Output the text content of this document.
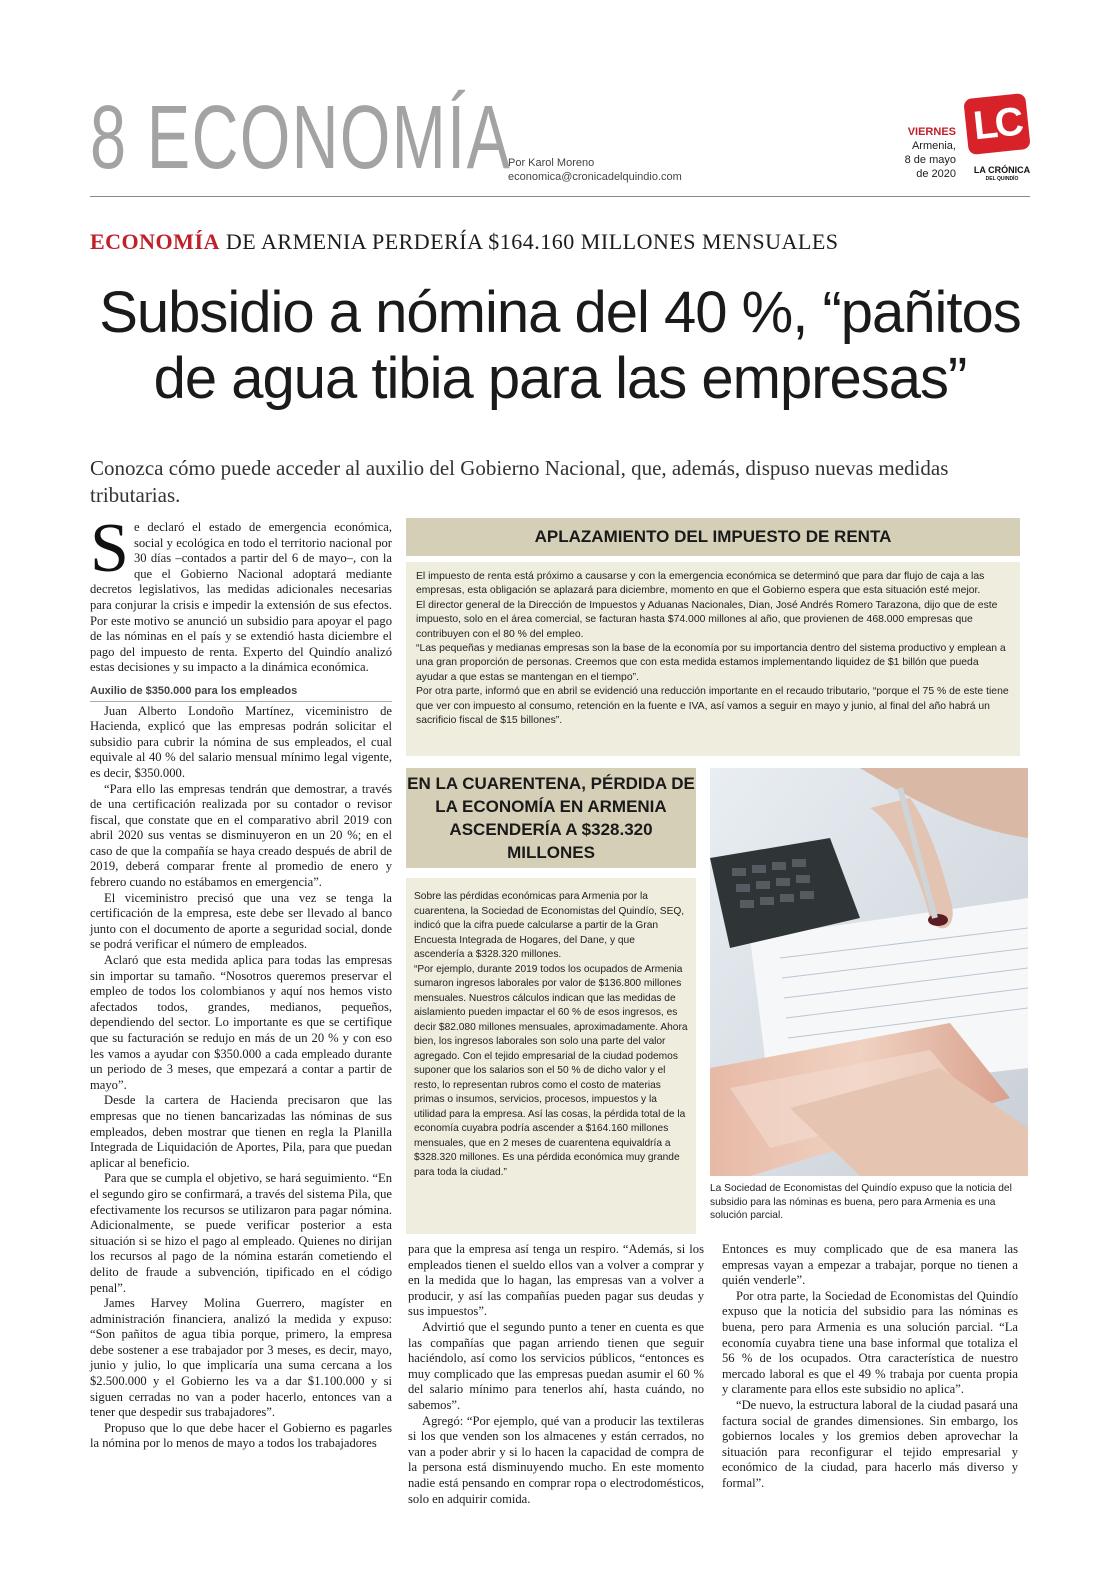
8 ECONOMÍA
Por Karol Moreno
economica@cronicadelquindio.com
VIERNES
Armenia,
8 de mayo
de 2020
LC
LA CRÓNICA
DEL QUINDÍO
ECONOMÍA DE ARMENIA PERDERÍA $164.160 MILLONES MENSUALES
Subsidio a nómina del 40 %, “pañitos de agua tibia para las empresas”
Conozca cómo puede acceder al auxilio del Gobierno Nacional, que, además, dispuso nuevas medidas tributarias.

Se declaró el estado de emergencia económica, social y ecológica en todo el territorio nacional por 30 días –contados a partir del 6 de mayo–, con la que el Gobierno Nacional adoptará mediante decretos legislativos, las medidas adicionales necesarias para conjurar la crisis e impedir la extensión de sus efectos. Por este motivo se anunció un subsidio para apoyar el pago de las nóminas en el país y se extendió hasta diciembre el pago del impuesto de renta. Experto del Quindío analizó estas decisiones y su impacto a la dinámica económica.

Auxilio de $350.000 para los empleados

Juan Alberto Londoño Martínez, viceministro de Hacienda, explicó que las empresas podrán solicitar el subsidio para cubrir la nómina de sus empleados, el cual equivale al 40 % del salario mensual mínimo legal vigente, es decir, $350.000.

“Para ello las empresas tendrán que demostrar, a través de una certificación realizada por su contador o revisor fiscal, que constate que en el comparativo abril 2019 con abril 2020 sus ventas se disminuyeron en un 20 %; en el caso de que la compañía se haya creado después de abril de 2019, deberá comparar frente al promedio de enero y febrero cuando no estábamos en emergencia”.

El viceministro precisó que una vez se tenga la certificación de la empresa, este debe ser llevado al banco junto con el documento de aporte a seguridad social, donde se podrá verificar el número de empleados.

Aclaró que esta medida aplica para todas las empresas sin importar su tamaño. “Nosotros queremos preservar el empleo de todos los colombianos y aquí nos hemos visto afectados todos, grandes, medianos, pequeños, dependiendo del sector. Lo importante es que se certifique que su facturación se redujo en más de un 20 % y con eso les vamos a ayudar con $350.000 a cada empleado durante un periodo de 3 meses, que empezará a contar a partir de mayo”.

Desde la cartera de Hacienda precisaron que las empresas que no tienen bancarizadas las nóminas de sus empleados, deben mostrar que tienen en regla la Planilla Integrada de Liquidación de Aportes, Pila, para que puedan aplicar al beneficio.

Para que se cumpla el objetivo, se hará seguimiento. “En el segundo giro se confirmará, a través del sistema Pila, que efectivamente los recursos se utilizaron para pagar nómina. Adicionalmente, se puede verificar posterior a esta situación si se hizo el pago al empleado. Quienes no dirijan los recursos al pago de la nómina estarán cometiendo el delito de fraude a subvención, tipificado en el código penal”.

James Harvey Molina Guerrero, magíster en administración financiera, analizó la medida y expuso: “Son pañitos de agua tibia porque, primero, la empresa debe sostener a ese trabajador por 3 meses, es decir, mayo, junio y julio, lo que implicaría una suma cercana a los $2.500.000 y el Gobierno les va a dar $1.100.000 y si siguen cerradas no van a poder hacerlo, entonces van a tener que despedir sus trabajadores”.

Propuso que lo que debe hacer el Gobierno es pagarles la nómina por lo menos de mayo a todos los trabajadores

APLAZAMIENTO DEL IMPUESTO DE RENTA

El impuesto de renta está próximo a causarse y con la emergencia económica se determinó que para dar flujo de caja a las empresas, esta obligación se aplazará para diciembre, momento en que el Gobierno espera que esta situación esté mejor.

El director general de la Dirección de Impuestos y Aduanas Nacionales, Dian, José Andrés Romero Tarazona, dijo que de este impuesto, solo en el área comercial, se facturan hasta $74.000 millones al año, que provienen de 468.000 empresas que contribuyen con el 80 % del empleo.

“Las pequeñas y medianas empresas son la base de la economía por su importancia dentro del sistema productivo y emplean a una gran proporción de personas. Creemos que con esta medida estamos implementando liquidez de $1 billón que pueda ayudar a que estas se mantengan en el tiempo”.

Por otra parte, informó que en abril se evidenció una reducción importante en el recaudo tributario, “porque el 75 % de este tiene que ver con impuesto al consumo, retención en la fuente e IVA, así vamos a seguir en mayo y junio, al final del año habrá un sacrificio fiscal de $15 billones”.

EN LA CUARENTENA, PÉRDIDA DE LA ECONOMÍA EN ARMENIA ASCENDERÍA A $328.320 MILLONES

Sobre las pérdidas económicas para Armenia por la cuarentena, la Sociedad de Economistas del Quindío, SEQ, indicó que la cifra puede calcularse a partir de la Gran Encuesta Integrada de Hogares, del Dane, y que ascendería a $328.320 millones.

“Por ejemplo, durante 2019 todos los ocupados de Armenia sumaron ingresos laborales por valor de $136.800 millones mensuales. Nuestros cálculos indican que las medidas de aislamiento pueden impactar el 60 % de esos ingresos, es decir $82.080 millones mensuales, aproximadamente. Ahora bien, los ingresos laborales son solo una parte del valor agregado. Con el tejido empresarial de la ciudad podemos suponer que los salarios son el 50 % de dicho valor y el resto, lo representan rubros como el costo de materias primas o insumos, servicios, procesos, impuestos y la utilidad para la empresa. Así las cosas, la pérdida total de la economía cuyabra podría ascender a $164.160 millones mensuales, que en 2 meses de cuarentena equivaldría a $328.320 millones. Es una pérdida económica muy grande para toda la ciudad.”

La Sociedad de Economistas del Quindío expuso que la noticia del subsidio para las nóminas es buena, pero para Armenia es una solución parcial.

para que la empresa así tenga un respiro. “Además, si los empleados tienen el sueldo ellos van a volver a comprar y en la medida que lo hagan, las empresas van a volver a producir, y así las compañías pueden pagar sus deudas y sus impuestos”.

Advirtió que el segundo punto a tener en cuenta es que las compañías que pagan arriendo tienen que seguir haciéndolo, así como los servicios públicos, “entonces es muy complicado que las empresas puedan asumir el 60 % del salario mínimo para tenerlos ahí, hasta cuándo, no sabemos”.

Agregó: “Por ejemplo, qué van a producir las textileras si los que venden son los almacenes y están cerrados, no van a poder abrir y si lo hacen la capacidad de compra de la persona está disminuyendo mucho. En este momento nadie está pensando en comprar ropa o electrodomésticos, solo en adquirir comida.

Entonces es muy complicado que de esa manera las empresas vayan a empezar a trabajar, porque no tienen a quién venderle”.

Por otra parte, la Sociedad de Economistas del Quindío expuso que la noticia del subsidio para las nóminas es buena, pero para Armenia es una solución parcial. “La economía cuyabra tiene una base informal que totaliza el 56 % de los ocupados. Otra característica de nuestro mercado laboral es que el 49 % trabaja por cuenta propia y claramente para ellos este subsidio no aplica”.

“De nuevo, la estructura laboral de la ciudad pasará una factura social de grandes dimensiones. Sin embargo, los gobiernos locales y los gremios deben aprovechar la situación para reconfigurar el tejido empresarial y económico de la ciudad, para hacerlo más diverso y formal”.
